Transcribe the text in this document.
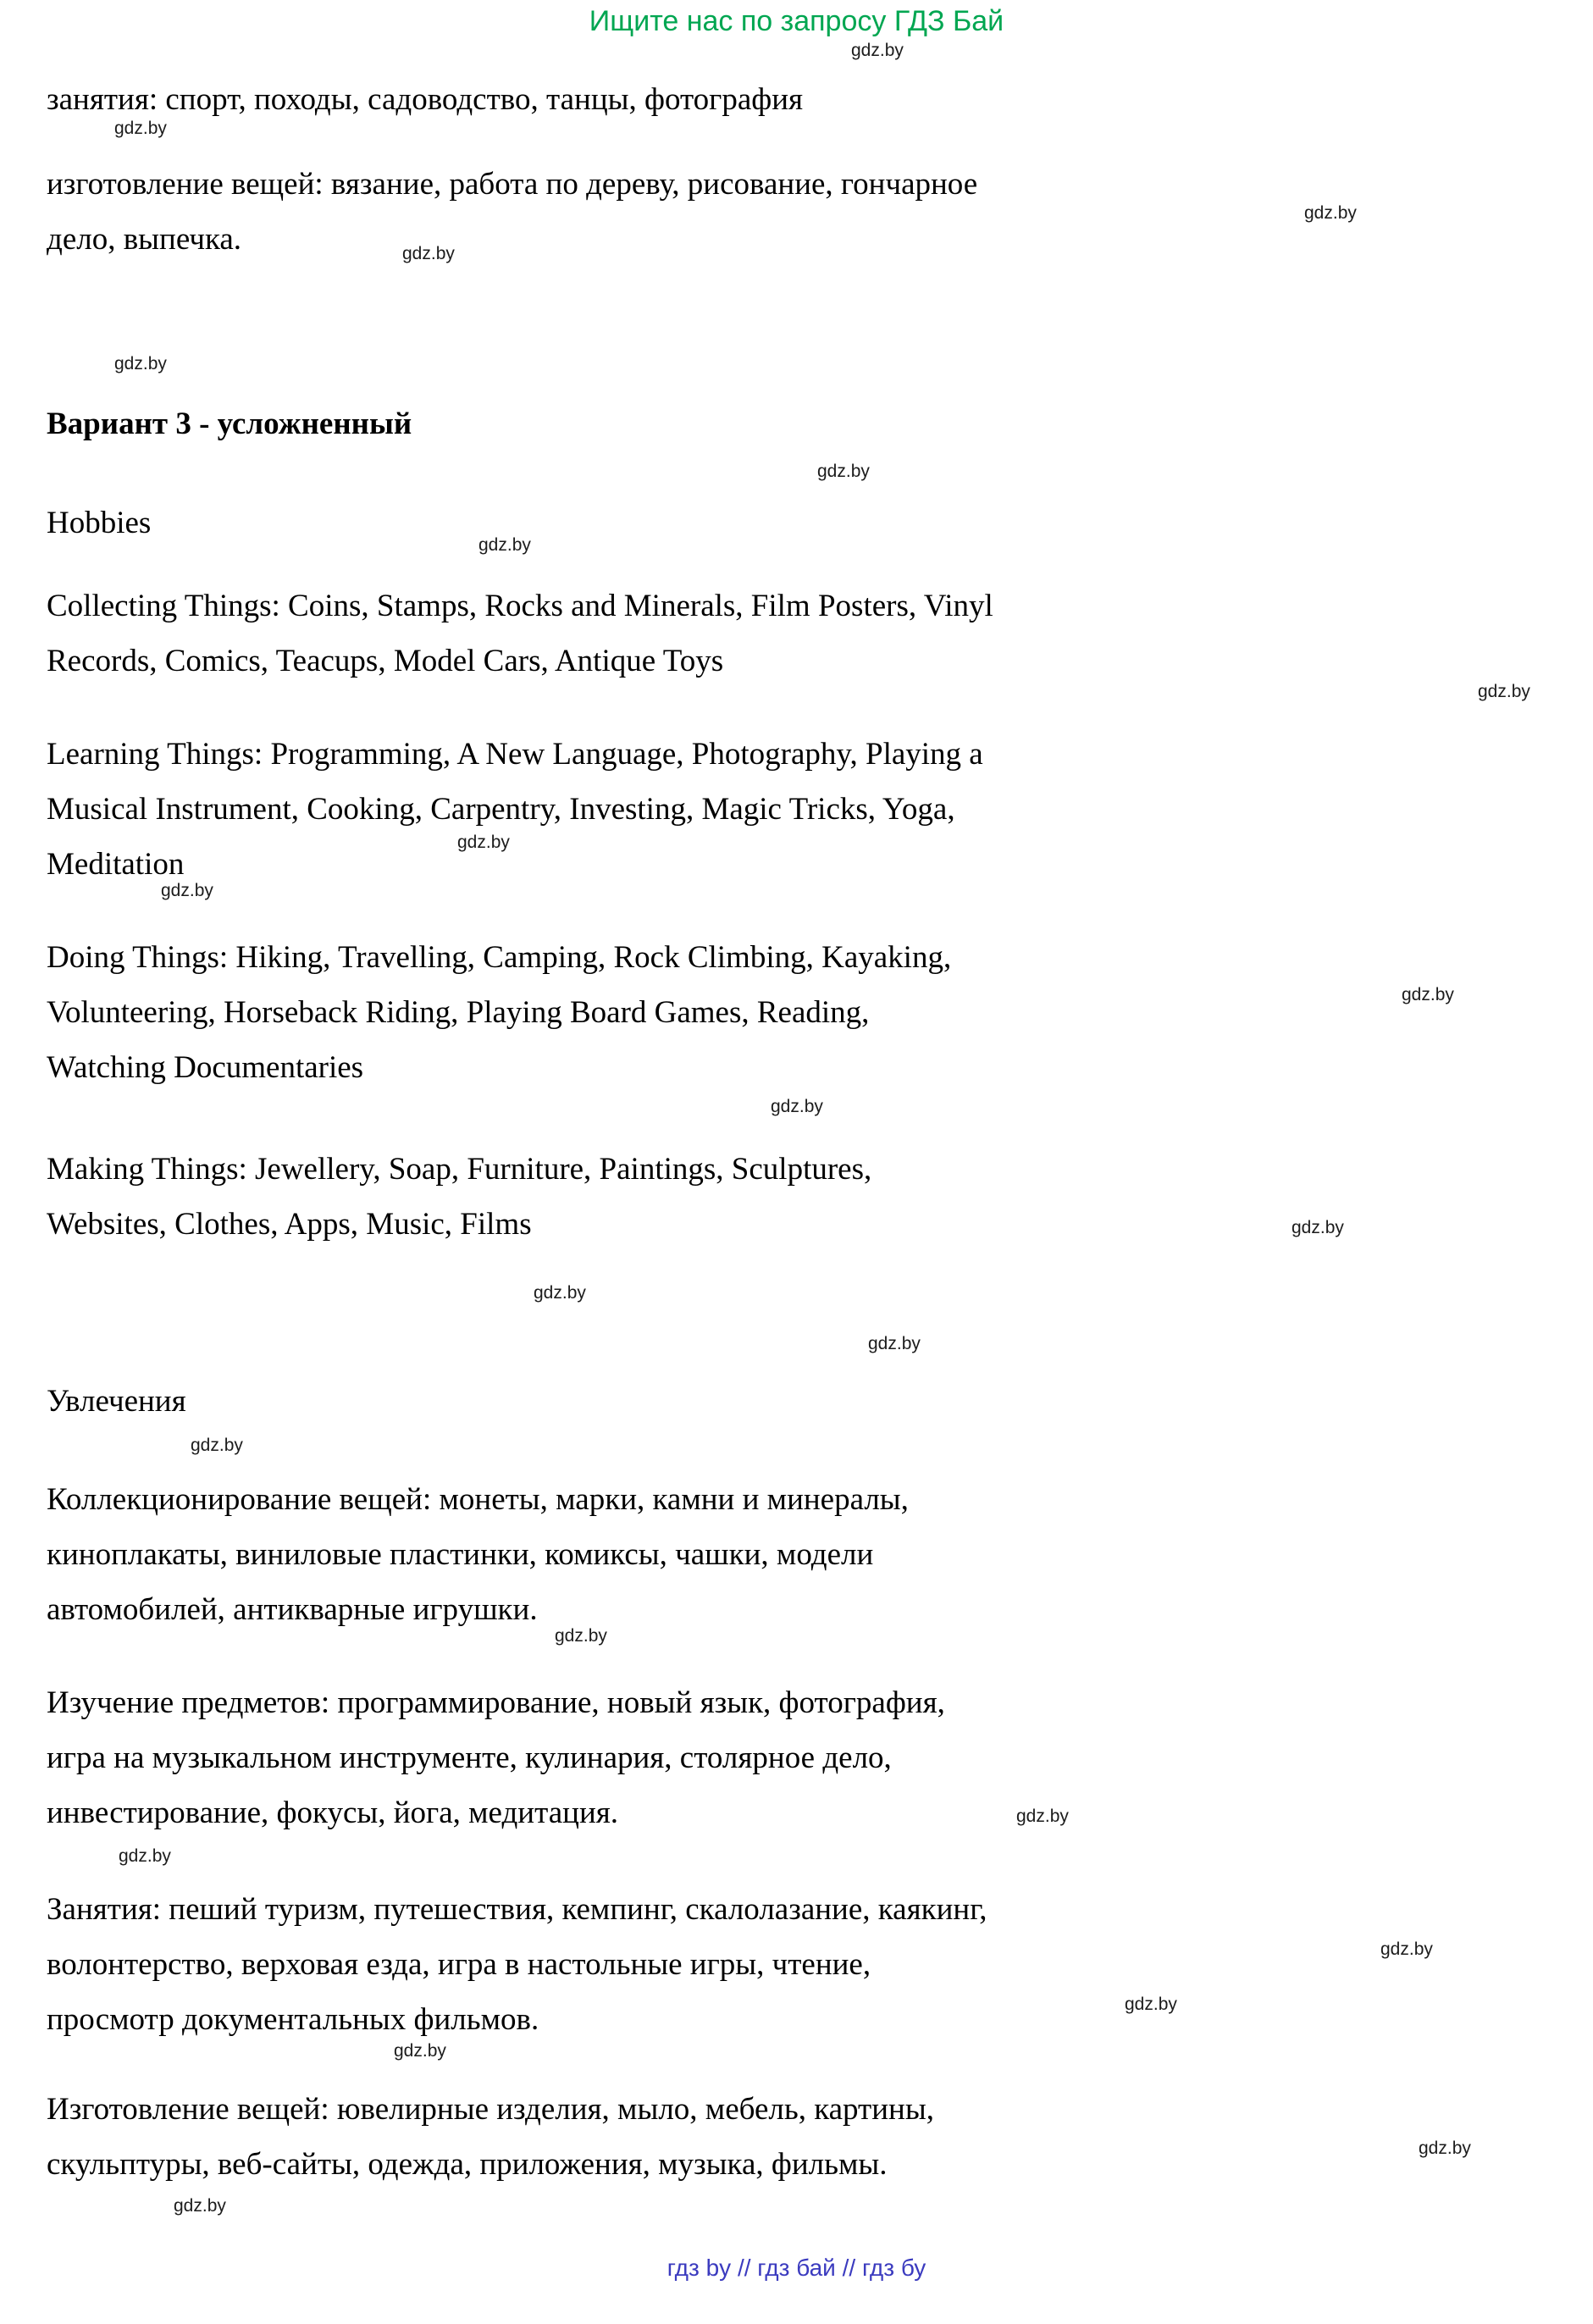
Ищите нас по запросу ГДЗ Бай
занятия: спорт, походы, садоводство, танцы, фотография
изготовление вещей: вязание, работа по дереву, рисование, гончарное
дело, выпечка.
Вариант 3 - усложненный
Hobbies
Collecting Things: Coins, Stamps, Rocks and Minerals, Film Posters, Vinyl
Records, Comics, Teacups, Model Cars, Antique Toys
Learning Things: Programming, A New Language, Photography, Playing a
Musical Instrument, Cooking, Carpentry, Investing, Magic Tricks, Yoga,
Meditation
Doing Things: Hiking, Travelling, Camping, Rock Climbing, Kayaking,
Volunteering, Horseback Riding, Playing Board Games, Reading,
Watching Documentaries
Making Things: Jewellery, Soap, Furniture, Paintings, Sculptures,
Websites, Clothes, Apps, Music, Films
Увлечения
Коллекционирование вещей: монеты, марки, камни и минералы,
киноплакаты, виниловые пластинки, комиксы, чашки, модели
автомобилей, антикварные игрушки.
Изучение предметов: программирование, новый язык, фотография,
игра на музыкальном инструменте, кулинария, столярное дело,
инвестирование, фокусы, йога, медитация.
Занятия: пеший туризм, путешествия, кемпинг, скалолазание, каякинг,
волонтерство, верховая езда, игра в настольные игры, чтение,
просмотр документальных фильмов.
Изготовление вещей: ювелирные изделия, мыло, мебель, картины,
скульптуры, веб-сайты, одежда, приложения, музыка, фильмы.
gdz.by
gdz.by
gdz.by
gdz.by
gdz.by
gdz.by
gdz.by
gdz.by
gdz.by
gdz.by
gdz.by
gdz.by
gdz.by
gdz.by
gdz.by
gdz.by
gdz.by
gdz.by
gdz.by
gdz.by
gdz.by
gdz.by
gdz.by
gdz.by
гдз by // гдз бай // гдз бу
